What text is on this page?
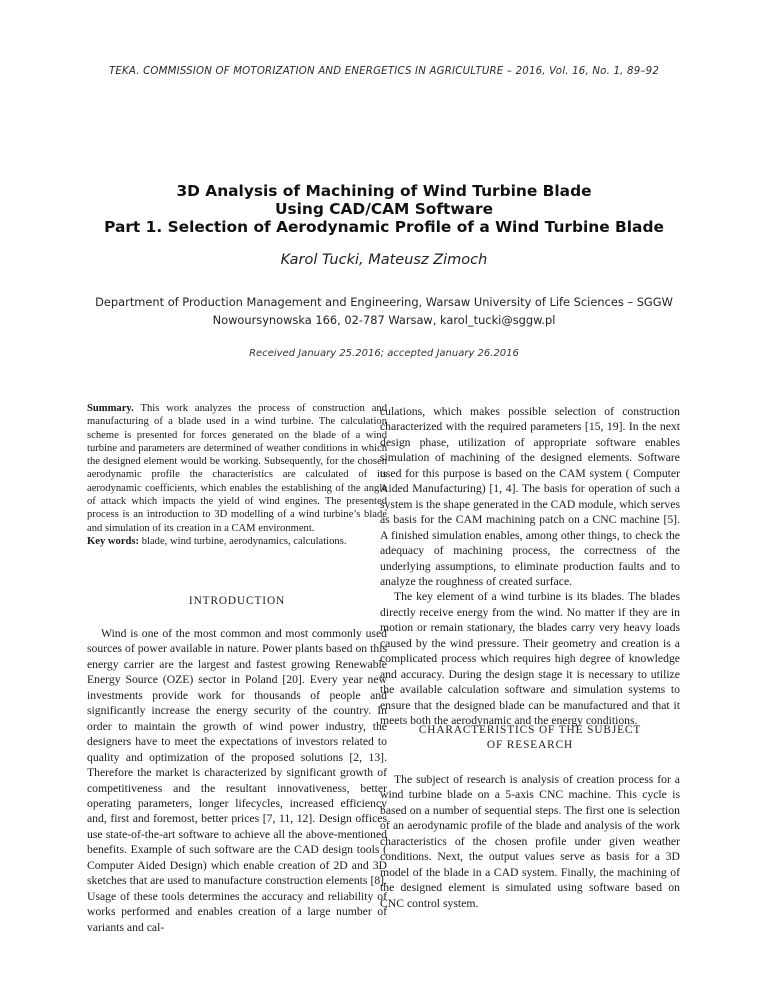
TEKA. COMMISSION OF MOTORIZATION AND ENERGETICS IN AGRICULTURE – 2016, Vol. 16, No. 1, 89–92
3D Analysis of Machining of Wind Turbine Blade
Using CAD/CAM Software
Part 1. Selection of Aerodynamic Profile of a Wind Turbine Blade
Karol Tucki, Mateusz Zimoch
Department of Production Management and Engineering, Warsaw University of Life Sciences – SGGW
Nowoursynowska 166, 02-787 Warsaw, karol_tucki@sggw.pl
Received January 25.2016; accepted January 26.2016

Summary. This work analyzes the process of construction and manufacturing of a blade used in a wind turbine. The calculation scheme is presented for forces generated on the blade of a wind turbine and parameters are determined of weather conditions in which the designed element would be working. Subsequently, for the chosen aerodynamic profile the characteristics are calculated of its aerodynamic coefficients, which enables the establishing of the angle of attack which impacts the yield of wind engines. The presented process is an introduction to 3D modelling of a wind turbine’s blade and simulation of its creation in a CAM environment.

Key words: blade, wind turbine, aerodynamics, calculations.

INTRODUCTION

Wind is one of the most common and most commonly used sources of power available in nature. Power plants based on this energy carrier are the largest and fastest growing Renewable Energy Source (OZE) sector in Poland [20]. Every year new investments provide work for thousands of people and significantly increase the energy security of the country. In order to maintain the growth of wind power industry, the designers have to meet the expectations of investors related to quality and optimization of the proposed solutions [2, 13]. Therefore the market is characterized by significant growth of competitiveness and the resultant innovativeness, better operating parameters, longer lifecycles, increased efficiency and, first and foremost, better prices [7, 11, 12]. Design offices use state-of-the-art software to achieve all the above-mentioned benefits. Example of such software are the CAD design tools ( Computer Aided Design) which enable creation of 2D and 3D sketches that are used to manufacture construction elements [8]. Usage of these tools determines the accuracy and reliability of works performed and enables creation of a large number of variants and cal-

culations, which makes possible selection of construction characterized with the required parameters [15, 19]. In the next design phase, utilization of appropriate software enables simulation of machining of the designed elements. Software used for this purpose is based on the CAM system ( Computer Aided Manufacturing) [1, 4]. The basis for operation of such a system is the shape generated in the CAD module, which serves as basis for the CAM machining patch on a CNC machine [5]. A finished simulation enables, among other things, to check the adequacy of machining process, the correctness of the underlying assumptions, to eliminate production faults and to analyze the roughness of created surface.

The key element of a wind turbine is its blades. The blades directly receive energy from the wind. No matter if they are in motion or remain stationary, the blades carry very heavy loads caused by the wind pressure. Their geometry and creation is a complicated process which requires high degree of knowledge and accuracy. During the design stage it is necessary to utilize the available calculation software and simulation systems to ensure that the designed blade can be manufactured and that it meets both the aerodynamic and the energy conditions.

CHARACTERISTICS OF THE SUBJECT
OF RESEARCH

The subject of research is analysis of creation process for a wind turbine blade on a 5-axis CNC machine. This cycle is based on a number of sequential steps. The first one is selection of an aerodynamic profile of the blade and analysis of the work characteristics of the chosen profile under given weather conditions. Next, the output values serve as basis for a 3D model of the blade in a CAD system. Finally, the machining of the designed element is simulated using software based on CNC control system.
